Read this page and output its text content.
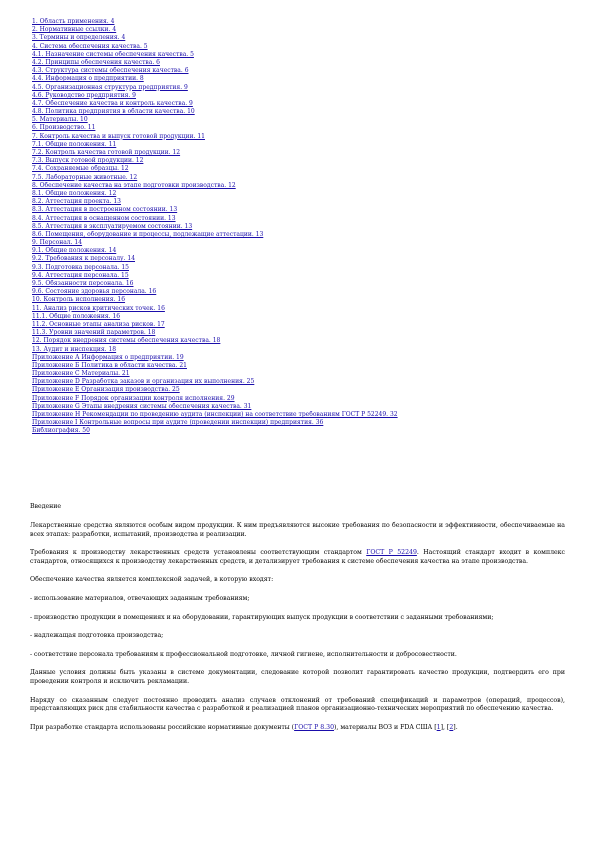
1. Область применения. 4
2. Нормативные ссылки. 4
3. Термины и определения. 4
4. Система обеспечения качества. 5
4.1. Назначение системы обеспечения качества. 5
4.2. Принципы обеспечения качества. 6
4.3. Структура системы обеспечения качества. 6
4.4. Информация о предприятии. 8
4.5. Организационная структура предприятия. 9
4.6. Руководство предприятия. 9
4.7. Обеспечение качества и контроль качества. 9
4.8. Политика предприятия в области качества. 10
5. Материалы. 10
6. Производство. 11
7. Контроль качества и выпуск готовой продукции. 11
7.1. Общие положения. 11
7.2. Контроль качества готовой продукции. 12
7.3. Выпуск готовой продукции. 12
7.4. Сохраняемые образцы. 12
7.5. Лабораторные животные. 12
8. Обеспечение качества на этапе подготовки производства. 12
8.1. Общие положения. 12
8.2. Аттестация проекта. 13
8.3. Аттестация в построенном состоянии. 13
8.4. Аттестация в оснащенном состоянии. 13
8.5. Аттестация в эксплуатируемом состоянии. 13
8.6. Помещения, оборудование и процессы, подлежащие аттестации. 13
9. Персонал. 14
9.1. Общие положения. 14
9.2. Требования к персоналу. 14
9.3. Подготовка персонала. 15
9.4. Аттестация персонала. 15
9.5. Обязанности персонала. 16
9.6. Состояние здоровья персонала. 16
10. Контроль исполнения. 16
11. Анализ рисков критических точек. 16
11.1. Общие положения. 16
11.2. Основные этапы анализа рисков. 17
11.3. Уровни значений параметров. 18
12. Порядок внедрения системы обеспечения качества. 18
13. Аудит и инспекция. 18
Приложение А Информация о предприятии. 19
Приложение Б Политика в области качества. 21
Приложение С Материалы. 21
Приложение D Разработка заказов и организация их выполнения. 25
Приложение Е Организация производства. 25
Приложение F Порядок организации контроля исполнения. 29
Приложение G Этапы внедрения системы обеспечения качества. 31
Приложение Н Рекомендации по проведению аудита (инспекции) на соответствие требованиям ГОСТ Р 52249. 32
Приложение I Контрольные вопросы при аудите (проведении инспекции) предприятия. 36
Библиография. 50
Введение

Лекарственные средства являются особым видом продукции. К ним предъявляются высокие требования по безопасности и эффективности, обеспечиваемые на всех этапах: разработки, испытаний, производства и реализации.

Требования к производству лекарственных средств установлены соответствующим стандартом ГОСТ Р 52249. Настоящий стандарт входит в комплекс стандартов, относящихся к производству лекарственных средств, и детализирует требования к системе обеспечения качества на этапе производства.

Обеспечение качества является комплексной задачей, в которую входят:

- использование материалов, отвечающих заданным требованиям;

- производство продукции в помещениях и на оборудовании, гарантирующих выпуск продукции в соответствии с заданными требованиями;

- надлежащая подготовка производства;

- соответствие персонала требованиям к профессиональной подготовке, личной гигиене, исполнительности и добросовестности.

Данные условия должны быть указаны в системе документации, следование которой позволит гарантировать качество продукции, подтвердить его при проведении контроля и исключить рекламации.

Наряду со сказанным следует постоянно проводить анализ случаев отклонений от требований спецификаций и параметров (операций, процессов), представляющих риск для стабильности качества с разработкой и реализацией планов организационно-технических мероприятий по обеспечению качества.

При разработке стандарта использованы российские нормативные документы (ГОСТ Р 8.30), материалы ВОЗ и FDA США [1], [2].
